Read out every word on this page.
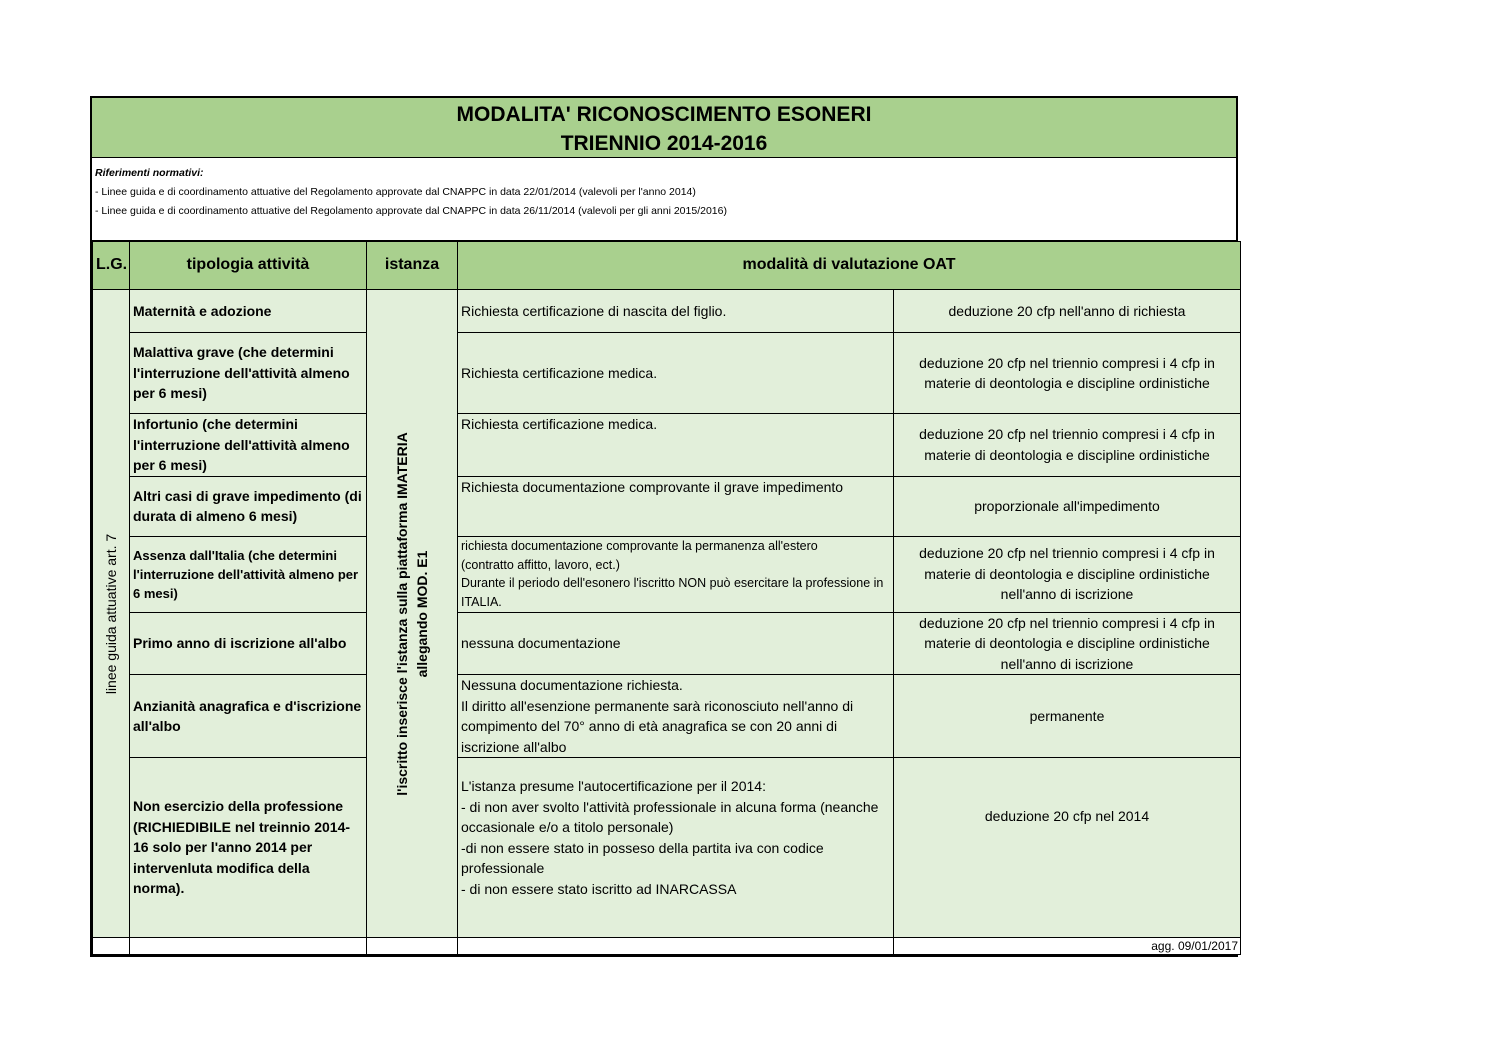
MODALITA' RICONOSCIMENTO ESONERI
TRIENNIO 2014-2016
Riferimenti normativi:
- Linee guida e di coordinamento attuative del Regolamento approvate dal CNAPPC in data 22/01/2014 (valevoli per l'anno 2014)
- Linee guida e di coordinamento attuative del Regolamento approvate dal CNAPPC in data 26/11/2014 (valevoli per gli anni 2015/2016)
L.G.	tipologia attività	istanza	modalità di valutazione OAT	

linee guida attuative art. 7	Maternità e adozione	l'iscritto inserisce l'istanza sulla piattaforma IMATERIA allegando MOD. E1	Richiesta certificazione di nascita del figlio.	deduzione 20 cfp nell'anno di richiesta
	Malattiva grave (che determini l'interruzione dell'attività almeno per 6 mesi)		Richiesta certificazione medica.	deduzione 20 cfp nel triennio compresi i 4 cfp in materie di deontologia e discipline ordinistiche
	Infortunio (che determini l'interruzione dell'attività almeno per 6 mesi)		Richiesta certificazione medica.	deduzione 20 cfp nel triennio compresi i 4 cfp in materie di deontologia e discipline ordinistiche
	Altri casi di grave impedimento (di durata di almeno 6 mesi)		Richiesta documentazione comprovante il grave impedimento	proporzionale all'impedimento
	Assenza dall'Italia (che determini l'interruzione dell'attività almeno per 6 mesi)		richiesta documentazione comprovante la permanenza all'estero
(contratto affitto, lavoro, ect.)
Durante il periodo dell'esonero l'iscritto NON può esercitare la professione in ITALIA.	deduzione 20 cfp nel triennio compresi i 4 cfp in materie di deontologia e discipline ordinistiche nell'anno di iscrizione
	Primo anno di iscrizione all'albo		nessuna documentazione	deduzione 20 cfp nel triennio compresi i 4 cfp in materie di deontologia e discipline ordinistiche nell'anno di iscrizione
	Anzianità anagrafica e d'iscrizione all'albo		Nessuna documentazione richiesta.
Il diritto all'esenzione permanente sarà riconosciuto nell'anno di compimento del 70° anno di età anagrafica se con 20 anni di iscrizione all'albo	permanente
	Non esercizio della professione (RICHIEDIBILE nel treinnio 2014-16 solo per l'anno 2014 per intervenluta modifica della norma).		L'istanza presume l'autocertificazione per il 2014:
- di non aver svolto l'attività professionale in alcuna forma (neanche occasionale e/o a titolo personale)
-di non essere stato in posseso della partita iva con codice professionale
- di non essere stato iscritto ad INARCASSA	deduzione 20 cfp nel 2014
				agg. 09/01/2017
